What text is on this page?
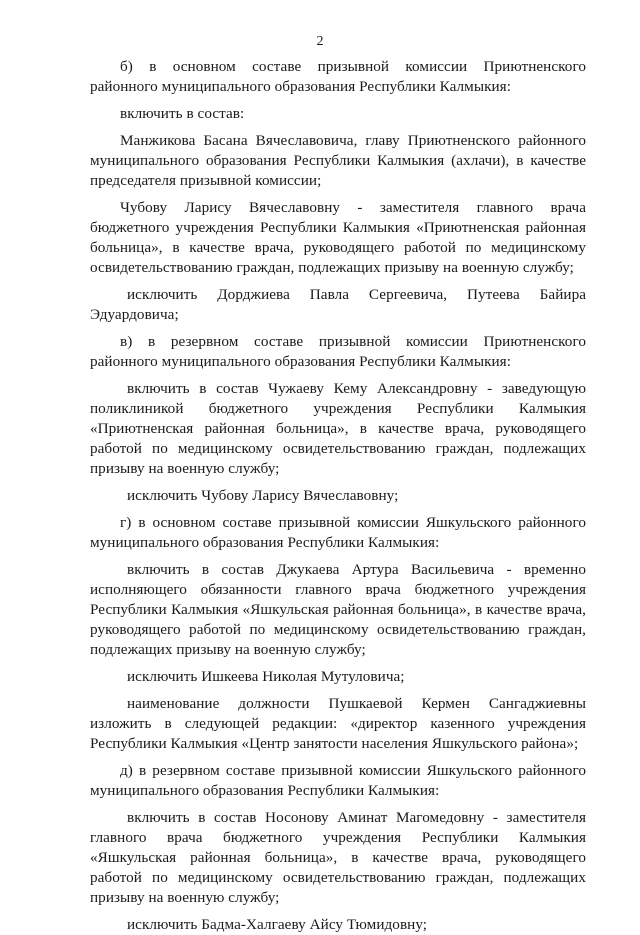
2
б) в основном составе призывной комиссии Приютненского
районного муниципального образования Республики Калмыкия:
включить в состав:
Манжикова Басана Вячеславовича, главу Приютненского районного
муниципального образования Республики Калмыкия (ахлачи), в качестве
председателя призывной комиссии;
Чубову Ларису Вячеславовну - заместителя главного врача
бюджетного учреждения Республики Калмыкия «Приютненская районная
больница», в качестве врача, руководящего работой по медицинскому
освидетельствованию граждан, подлежащих призыву на военную службу;
исключить Дорджиева Павла Сергеевича, Путеева Байира
Эдуардовича;
в) в резервном составе призывной комиссии Приютненского
районного муниципального образования Республики Калмыкия:
включить в состав Чужаеву Кему Александровну - заведующую
поликлиникой бюджетного учреждения Республики Калмыкия
«Приютненская районная больница», в качестве врача, руководящего
работой по медицинскому освидетельствованию граждан, подлежащих
призыву на военную службу;
исключить Чубову Ларису Вячеславовну;
г) в основном составе призывной комиссии Яшкульского районного
муниципального образования Республики Калмыкия:
включить в состав Джукаева Артура Васильевича - временно
исполняющего обязанности главного врача бюджетного учреждения
Республики Калмыкия «Яшкульская районная больница», в качестве врача,
руководящего работой по медицинскому освидетельствованию граждан,
подлежащих призыву на военную службу;
исключить Ишкеева Николая Мутуловича;
наименование должности Пушкаевой Кермен Сангаджиевны
изложить в следующей редакции: «директор казенного учреждения
Республики Калмыкия «Центр занятости населения Яшкульского района»;
д) в резервном составе призывной комиссии Яшкульского районного
муниципального образования Республики Калмыкия:
включить в состав Носонову Аминат Магомедовну - заместителя
главного врача бюджетного учреждения Республики Калмыкия
«Яшкульская районная больница», в качестве врача, руководящего
работой по медицинскому освидетельствованию граждан, подлежащих
призыву на военную службу;
исключить Бадма-Халгаеву Айсу Тюмидовну;
